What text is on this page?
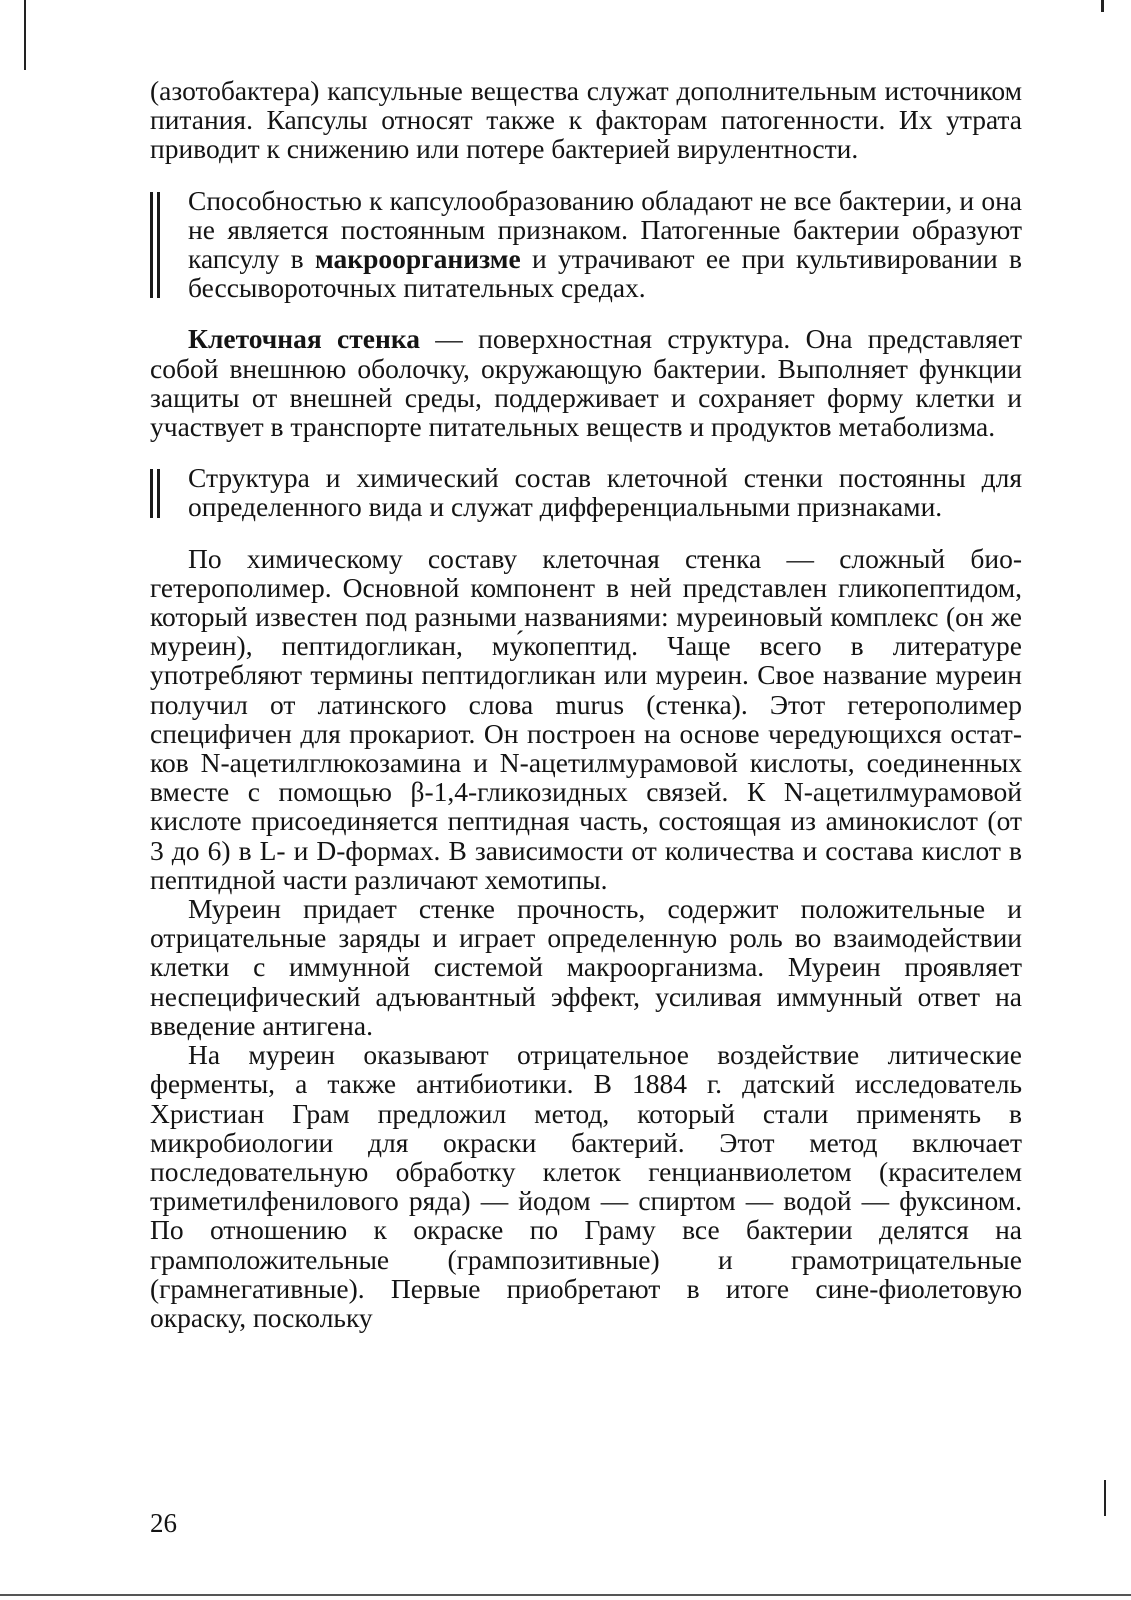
(азотобактера) капсульные вещества служат дополнительным источником питания. Капсулы относят также к факторам патогенности. Их утрата приводит к снижению или потере бактерией вирулентности.

Способностью к капсулообразованию обладают не все бактерии, и она не является постоянным признаком. Патогенные бактерии образуют капсулу в макроорганизме и утрачивают ее при культивировании в бессывороточных питательных средах.

Клеточная стенка — поверхностная структура. Она представляет собой внешнюю оболочку, окружающую бактерии. Выполняет функции защиты от внешней среды, поддерживает и сохраняет форму клетки и участвует в транспорте питательных веществ и продуктов метаболизма.

Структура и химический состав клеточной стенки постоянны для определенного вида и служат дифференциальными признаками.

По химическому составу клеточная стенка — сложный биогетерополимер. Основной компонент в ней представлен гликопептидом, который известен под разными названиями: муреиновый комплекс (он же муреин), пептидогликан, му́копептид. Чаще всего в литературе употребляют термины пептидогликан или муреин. Свое название муреин получил от латинского слова murus (стенка). Этот гетерополимер специфичен для прокариот. Он построен на основе чередующихся остатков N-ацетилглюкозамина и N-ацетилмурамовой кислоты, соединенных вместе с помощью β-1,4-гликозидных связей. К N-ацетилмурамовой кислоте присоединяется пептидная часть, состоящая из аминокислот (от 3 до 6) в L- и D-формах. В зависимости от количества и состава кислот в пептидной части различают хемотипы.

Муреин придает стенке прочность, содержит положительные и отрицательные заряды и играет определенную роль во взаимодействии клетки с иммунной системой макроорганизма. Муреин проявляет неспецифический адъювантный эффект, усиливая иммунный ответ на введение антигена.

На муреин оказывают отрицательное воздействие литические ферменты, а также антибиотики. В 1884 г. датский исследователь Христиан Грам предложил метод, который стали применять в микробиологии для окраски бактерий. Этот метод включает последовательную обработку клеток генцианвиолетом (красителем триметилфенилового ряда) — йодом — спиртом — водой — фуксином. По отношению к окраске по Граму все бактерии делятся на грамположительные (грампозитивные) и грамотрицательные (грамнегативные). Первые приобретают в итоге сине-фиолетовую окраску, поскольку

26
